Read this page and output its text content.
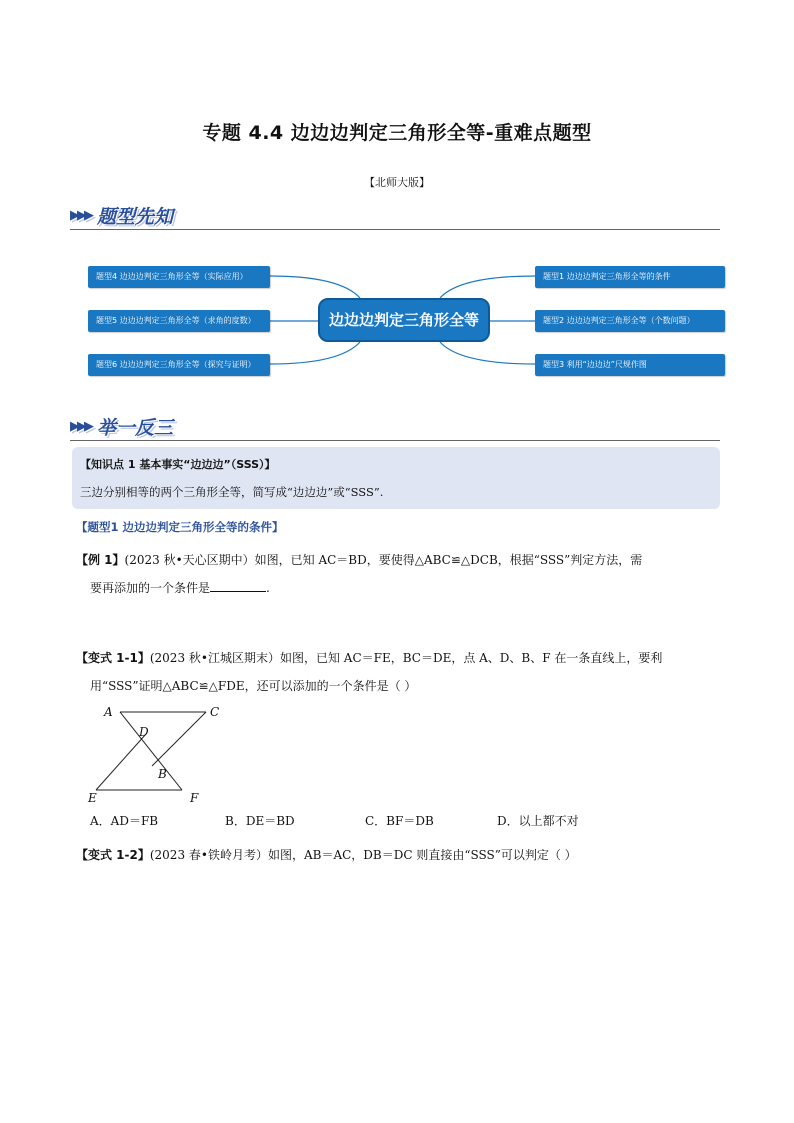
专题 4.4 边边边判定三角形全等-重难点题型
【北师大版】
▶▶▶ 题型先知
题型4 边边边判定三角形全等（实际应用）
题型5 边边边判定三角形全等（求角的度数）
题型6 边边边判定三角形全等（探究与证明）
边边边判定三角形全等
题型1 边边边判定三角形全等的条件
题型2 边边边判定三角形全等（个数问题）
题型3 利用“边边边”尺规作图
▶▶▶ 举一反三
【知识点 1 基本事实“边边边”（SSS）】
三边分别相等的两个三角形全等，简写成“边边边”或“SSS”.
【题型1 边边边判定三角形全等的条件】
【例 1】(2023 秋•天心区期中）如图，已知 AC＝BD，要使得△ABC≌△DCB，根据“SSS”判定方法，需
要再添加的一个条件是	.
【变式 1-1】(2023 秋•江城区期末）如图，已知 AC＝FE，BC＝DE，点 A、D、B、F 在一条直线上，要利
用“SSS”证明△ABC≌△FDE，还可以添加的一个条件是（ ）
A	C
D
B
E	F
A．AD＝FB	B．DE＝BD	C．BF＝DB	D．以上都不对
【变式 1-2】(2023 春•铁岭月考）如图，AB＝AC，DB＝DC 则直接由“SSS”可以判定（ ）
